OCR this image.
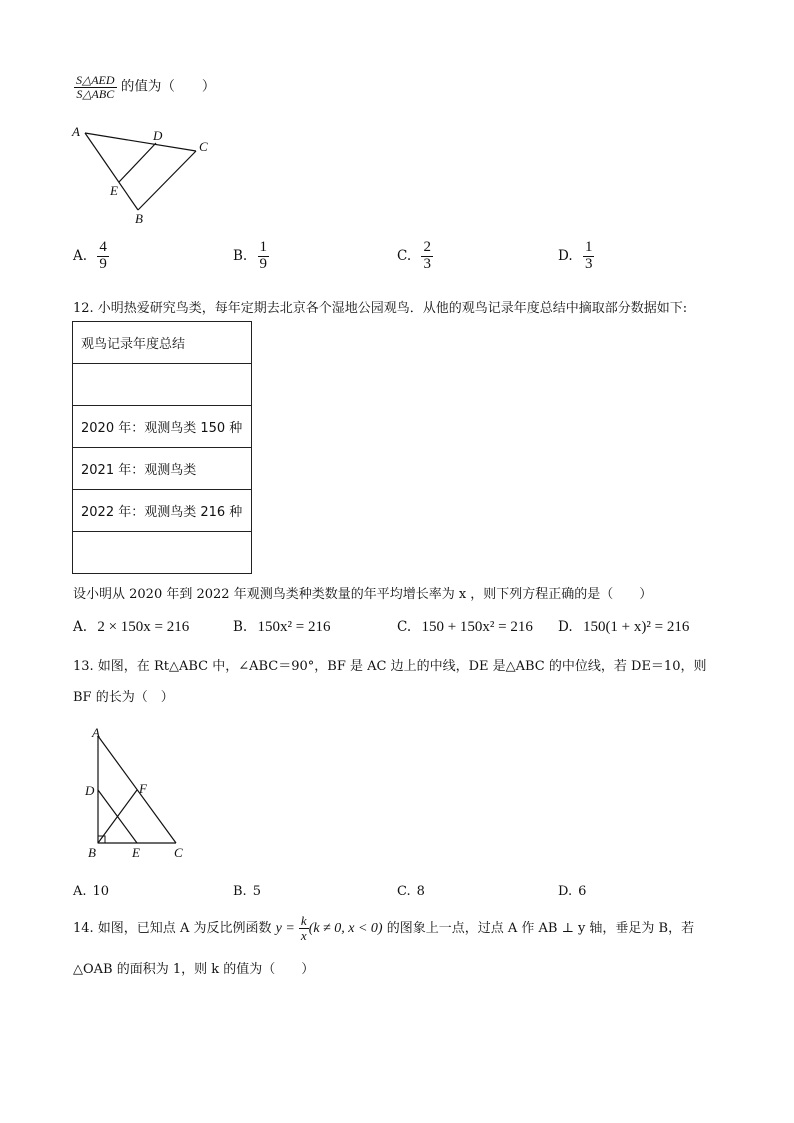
$\frac{\text{S△AED}}{\text{S△ABC}}$ 的值为（　　）
A	D
C
E
B
A. $\frac{4}{9}$	B. $\frac{1}{9}$	C. $\frac{2}{3}$	D. $\frac{1}{3}$
12. 小明热爱研究鸟类，每年定期去北京各个湿地公园观鸟．从他的观鸟记录年度总结中摘取部分数据如下:
观鸟记录年度总结

2020 年：观测鸟类 150 种
2021 年：观测鸟类
2022 年：观测鸟类 216 种

设小明从 2020 年到 2022 年观测鸟类种类数量的年平均增长率为 x ，则下列方程正确的是（　　）
A. 2 × 150x = 216	B. 150x² = 216	C. 150 + 150x² = 216 D. 150(1 + x)² = 216
13. 如图，在 Rt△ABC 中，∠ABC＝90°，BF 是 AC 边上的中线，DE 是△ABC 的中位线，若 DE＝10，则
BF 的长为（　）
A
D	F
B	E	C
A. 10	B. 5	C. 8	D. 6
14. 如图，已知点 A 为反比例函数 $y = \frac{k}{x} (k \ne 0$, x < 0) 的图象上一点，过点 A 作 AB ⊥ y 轴，垂足为 B，若
△OAB 的面积为 1，则 k 的值为（　　）
